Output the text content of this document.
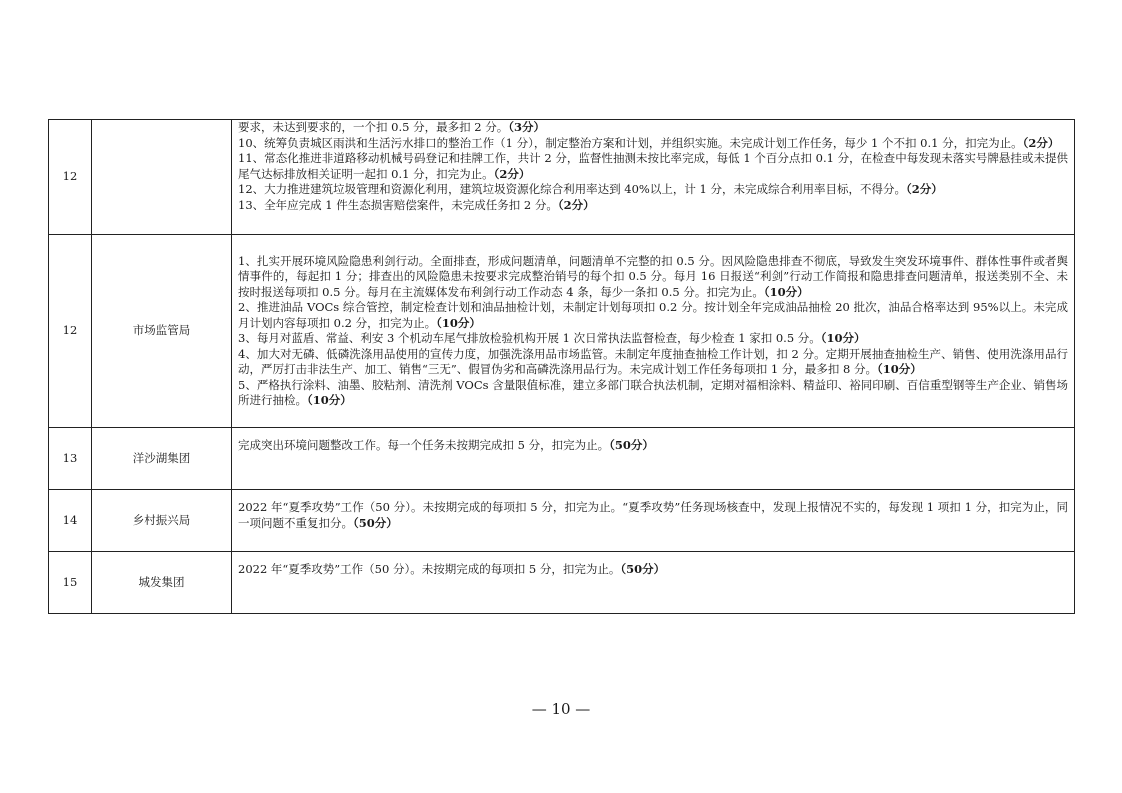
12		要求，未达到要求的，一个扣 0.5 分，最多扣 2 分。（3分）
10、统筹负责城区雨洪和生活污水排口的整治工作（1 分），制定整治方案和计划，并组织实施。未完成计划工作任务，每少 1 个不扣 0.1 分，扣完为止。（2分）
11、常态化推进非道路移动机械号码登记和挂牌工作，共计 2 分，监督性抽测未按比率完成，每低 1 个百分点扣 0.1 分，在检查中每发现未落实号牌悬挂或未提供尾气达标排放相关证明一起扣 0.1 分，扣完为止。（2分）
12、大力推进建筑垃圾管理和资源化利用，建筑垃圾资源化综合利用率达到 40%以上，计 1 分，未完成综合利用率目标，不得分。（2分）
13、全年应完成 1 件生态损害赔偿案件，未完成任务扣 2 分。（2分）

12	市场监管局	1、扎实开展环境风险隐患利剑行动。全面排查，形成问题清单，问题清单不完整的扣 0.5 分。因风险隐患排查不彻底，导致发生突发环境事件、群体性事件或者舆情事件的，每起扣 1 分；排查出的风险隐患未按要求完成整治销号的每个扣 0.5 分。每月 16 日报送“利剑”行动工作简报和隐患排查问题清单，报送类别不全、未按时报送每项扣 0.5 分。每月在主流媒体发布利剑行动工作动态 4 条，每少一条扣 0.5 分。扣完为止。（10分）
2、推进油品 VOCs 综合管控，制定检查计划和油品抽检计划，未制定计划每项扣 0.2 分。按计划全年完成油品抽检 20 批次，油品合格率达到 95%以上。未完成月计划内容每项扣 0.2 分，扣完为止。（10分）
3、每月对蓝盾、常益、利安 3 个机动车尾气排放检验机构开展 1 次日常执法监督检查，每少检查 1 家扣 0.5 分。（10分）
4、加大对无磷、低磷洗涤用品使用的宣传力度，加强洗涤用品市场监管。未制定年度抽查抽检工作计划，扣 2 分。定期开展抽查抽检生产、销售、使用洗涤用品行动，严厉打击非法生产、加工、销售“三无”、假冒伪劣和高磷洗涤用品行为。未完成计划工作任务每项扣 1 分，最多扣 8 分。（10分）
5、严格执行涂料、油墨、胶粘剂、清洗剂 VOCs 含量限值标准，建立多部门联合执法机制，定期对福相涂料、精益印、裕同印刷、百信重型钢等生产企业、销售场所进行抽检。（10分）

13	洋沙湖集团	完成突出环境问题整改工作。每一个任务未按期完成扣 5 分，扣完为止。（50分）

14	乡村振兴局	2022 年“夏季攻势”工作（50 分）。未按期完成的每项扣 5 分，扣完为止。“夏季攻势”任务现场核查中，发现上报情况不实的，每发现 1 项扣 1 分，扣完为止，同一项问题不重复扣分。（50分）

15	城发集团	2022 年“夏季攻势”工作（50 分）。未按期完成的每项扣 5 分，扣完为止。（50分）
— 10 —
